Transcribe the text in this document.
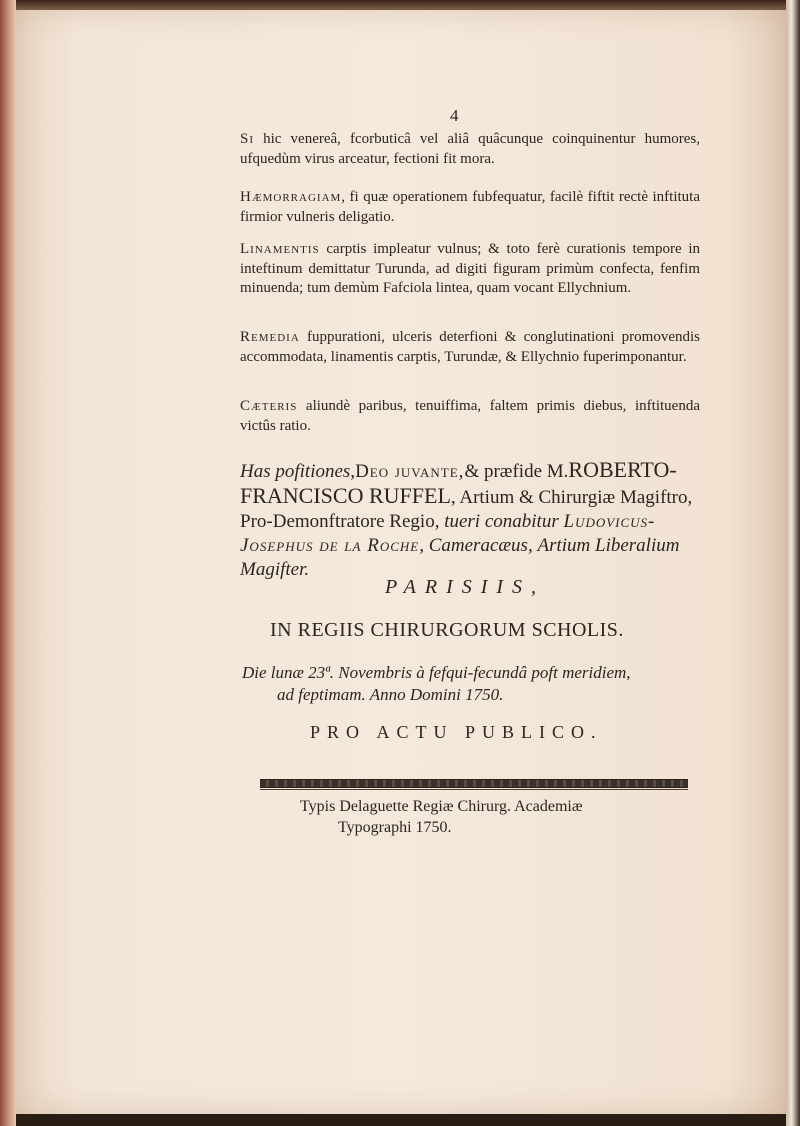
4
Si hic venereâ, fcorbuticâ vel aliâ quâcunque coinquinentur humores, ufquedùm virus arceatur, fectioni fit mora.
Hæmorragiam, fi quæ operationem fubfequatur, facilè fiftit rectè inftituta firmior vulneris deligatio.
Linamentis carptis impleatur vulnus; & toto ferè curationis tempore in inteftinum demittatur Turunda, ad digiti figuram primùm confecta, fenfim minuenda; tum demùm Fafciola lintea, quam vocant Ellychnium.
Remedia fuppurationi, ulceris deterfioni & conglutinationi promovendis accommodata, linamentis carptis, Turundæ, & Ellychnio fuperimponantur.
Cæteris aliundè paribus, tenuiffima, faltem primis diebus, inftituenda victûs ratio.
Has pofitiones,Deo juvante,& præfide M.ROBERTO-FRANCISCO RUFFEL, Artium & Chirurgiæ Magiftro, Pro-Demonftratore Regio, tueri conabitur Ludovicus-Josephus de la Roche, Cameracæus, Artium Liberalium Magifter.
PARISIIS,
IN REGIIS CHIRURGORUM SCHOLIS.
Die lunæ 23ª. Novembris à fefqui-fecundâ poft meridiem,
ad feptimam. Anno Domini 1750.
PRO ACTU PUBLICO.
Typis Delaguette Regiæ Chirurg. Academiæ
Typographi 1750.
